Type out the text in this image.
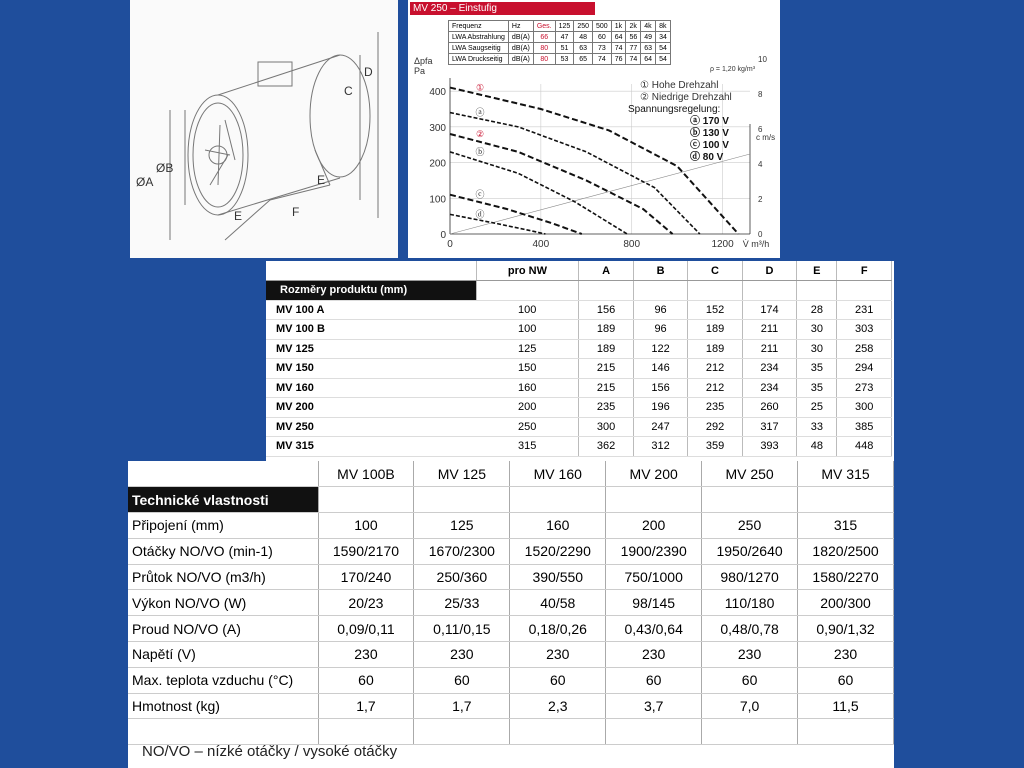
D
C
ØB
ØA	E
F
E
MV 250 – Einstufig
Frequenz	Hz	Ges.	125	250	500	1k	2k	4k	8k
LWA Abstrahlung	dB(A)	66	47	48	60	64	56	49	34
LWA Saugseitig	dB(A)	80	51	63	73	74	77	63	54
LWA Druckseitig	dB(A)	80	53	65	74	76	74	64	54
ρ = 1,20 kg/m³
Δpfa Pa
0
100
200
300
400
0	400	800	1200
0
2
4
6
8
10
V̇ m³/h
c m/s
①
ⓐ
②
ⓑ
ⓒ
ⓓ
① Hohe Drehzahl
② Niedrige Drehzahl
Spannungsregelung:
ⓐ 170 V
ⓑ 130 V
ⓒ 100 V
ⓓ 80 V
	pro NW	A	B	C	D	E	F
Rozměry produktu (mm)							
MV 100 A	100	156	96	152	174	28	231
MV 100 B	100	189	96	189	211	30	303
MV 125	125	189	122	189	211	30	258
MV 150	150	215	146	212	234	35	294
MV 160	160	215	156	212	234	35	273
MV 200	200	235	196	235	260	25	300
MV 250	250	300	247	292	317	33	385
MV 315	315	362	312	359	393	48	448
	MV 100B	MV 125	MV 160	MV 200	MV 250	MV 315
Technické vlastnosti						
Připojení (mm)	100	125	160	200	250	315
Otáčky NO/VO (min-1)	1590/2170	1670/2300	1520/2290	1900/2390	1950/2640	1820/2500
Průtok NO/VO (m3/h)	170/240	250/360	390/550	750/1000	980/1270	1580/2270
Výkon NO/VO (W)	20/23	25/33	40/58	98/145	110/180	200/300
Proud NO/VO (A)	0,09/0,11	0,11/0,15	0,18/0,26	0,43/0,64	0,48/0,78	0,90/1,32
Napětí (V)	230	230	230	230	230	230
Max. teplota vzduchu (°C)	60	60	60	60	60	60
Hmotnost (kg)	1,7	1,7	2,3	3,7	7,0	11,5

NO/VO – nízké otáčky / vysoké otáčky
